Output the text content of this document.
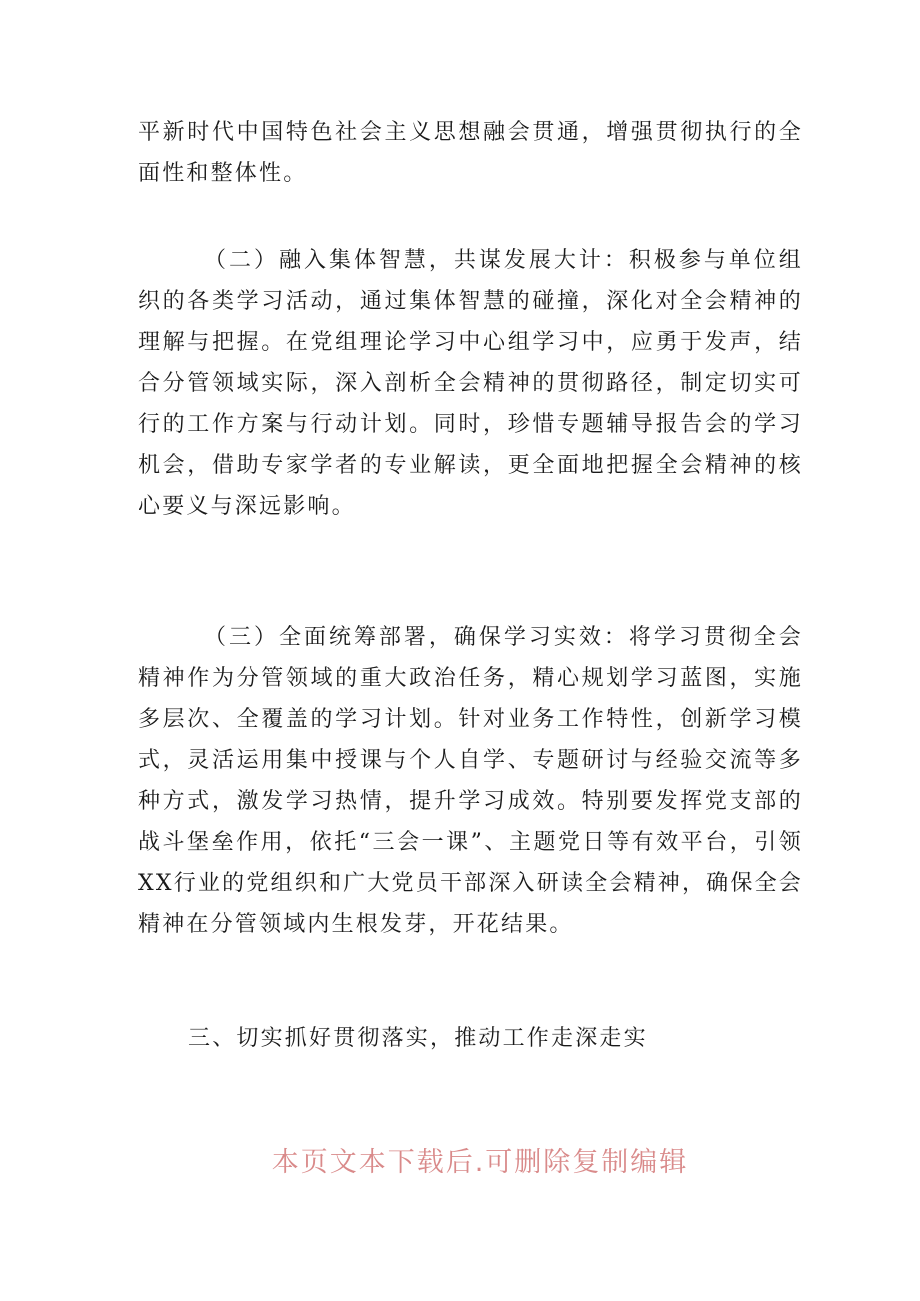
平新时代中国特色社会主义思想融会贯通，增强贯彻执行的全面性和整体性。

（二）融入集体智慧，共谋发展大计：积极参与单位组织的各类学习活动，通过集体智慧的碰撞，深化对全会精神的理解与把握。在党组理论学习中心组学习中，应勇于发声，结合分管领域实际，深入剖析全会精神的贯彻路径，制定切实可行的工作方案与行动计划。同时，珍惜专题辅导报告会的学习机会，借助专家学者的专业解读，更全面地把握全会精神的核心要义与深远影响。

（三）全面统筹部署，确保学习实效：将学习贯彻全会精神作为分管领域的重大政治任务，精心规划学习蓝图，实施多层次、全覆盖的学习计划。针对业务工作特性，创新学习模式，灵活运用集中授课与个人自学、专题研讨与经验交流等多种方式，激发学习热情，提升学习成效。特别要发挥党支部的战斗堡垒作用，依托“三会一课”、主题党日等有效平台，引领XX行业的党组织和广大党员干部深入研读全会精神，确保全会精神在分管领域内生根发芽，开花结果。

三、切实抓好贯彻落实，推动工作走深走实

本页文本下载后.可删除复制编辑
